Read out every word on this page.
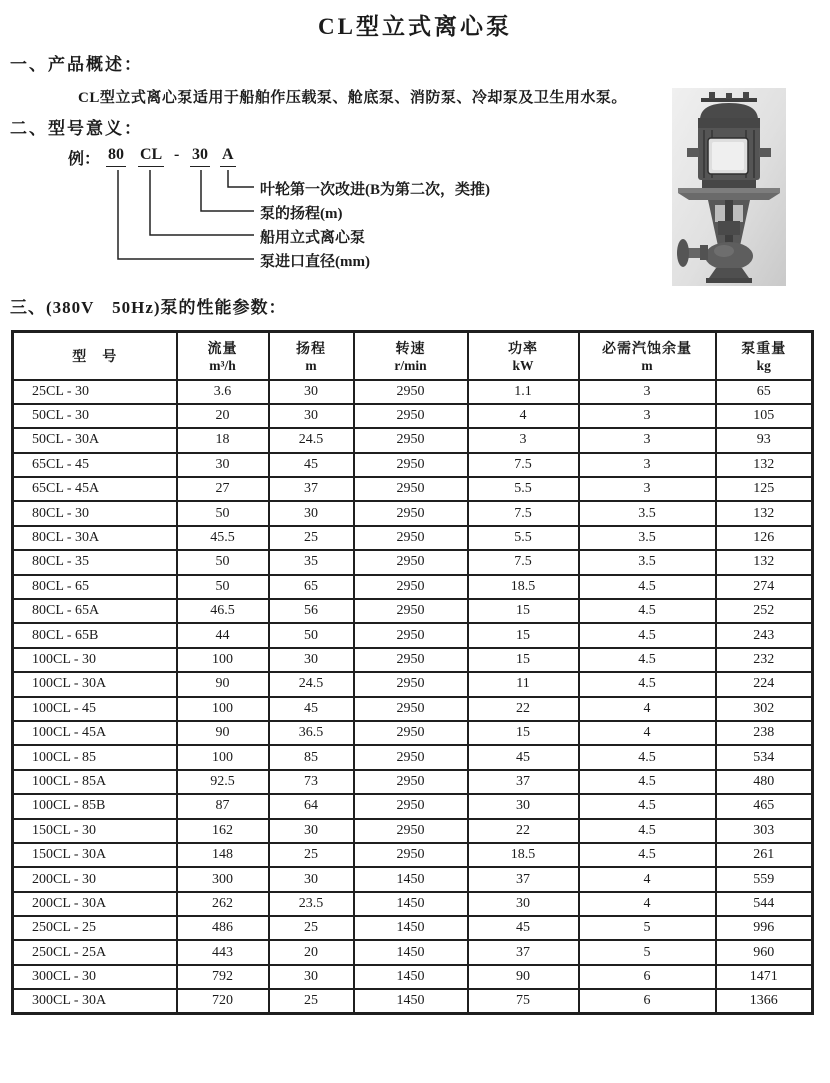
CL型立式离心泵
一、产品概述：
CL型立式离心泵适用于船舶作压载泵、舱底泵、消防泵、冷却泵及卫生用水泵。
二、型号意义：
例： 80 CL - 30 A
叶轮第一次改进(B为第二次，类推)
泵的扬程(m)
船用立式离心泵
泵进口直径(mm)
三、(380V　50Hz)泵的性能参数：
型　号

流量
m³/h

扬程
m

转速
r/min

功率
kW

必需汽蚀余量
m

泵重量
kg

25CL - 30	3.6	30	2950	1.1	3	65
50CL - 30	20	30	2950	4	3	105
50CL - 30A	18	24.5	2950	3	3	93
65CL - 45	30	45	2950	7.5	3	132
65CL - 45A	27	37	2950	5.5	3	125
80CL - 30	50	30	2950	7.5	3.5	132
80CL - 30A	45.5	25	2950	5.5	3.5	126
80CL - 35	50	35	2950	7.5	3.5	132
80CL - 65	50	65	2950	18.5	4.5	274
80CL - 65A	46.5	56	2950	15	4.5	252
80CL - 65B	44	50	2950	15	4.5	243
100CL - 30	100	30	2950	15	4.5	232
100CL - 30A	90	24.5	2950	11	4.5	224
100CL - 45	100	45	2950	22	4	302
100CL - 45A	90	36.5	2950	15	4	238
100CL - 85	100	85	2950	45	4.5	534
100CL - 85A	92.5	73	2950	37	4.5	480
100CL - 85B	87	64	2950	30	4.5	465
150CL - 30	162	30	2950	22	4.5	303
150CL - 30A	148	25	2950	18.5	4.5	261
200CL - 30	300	30	1450	37	4	559
200CL - 30A	262	23.5	1450	30	4	544
250CL - 25	486	25	1450	45	5	996
250CL - 25A	443	20	1450	37	5	960
300CL - 30	792	30	1450	90	6	1471
300CL - 30A	720	25	1450	75	6	1366
